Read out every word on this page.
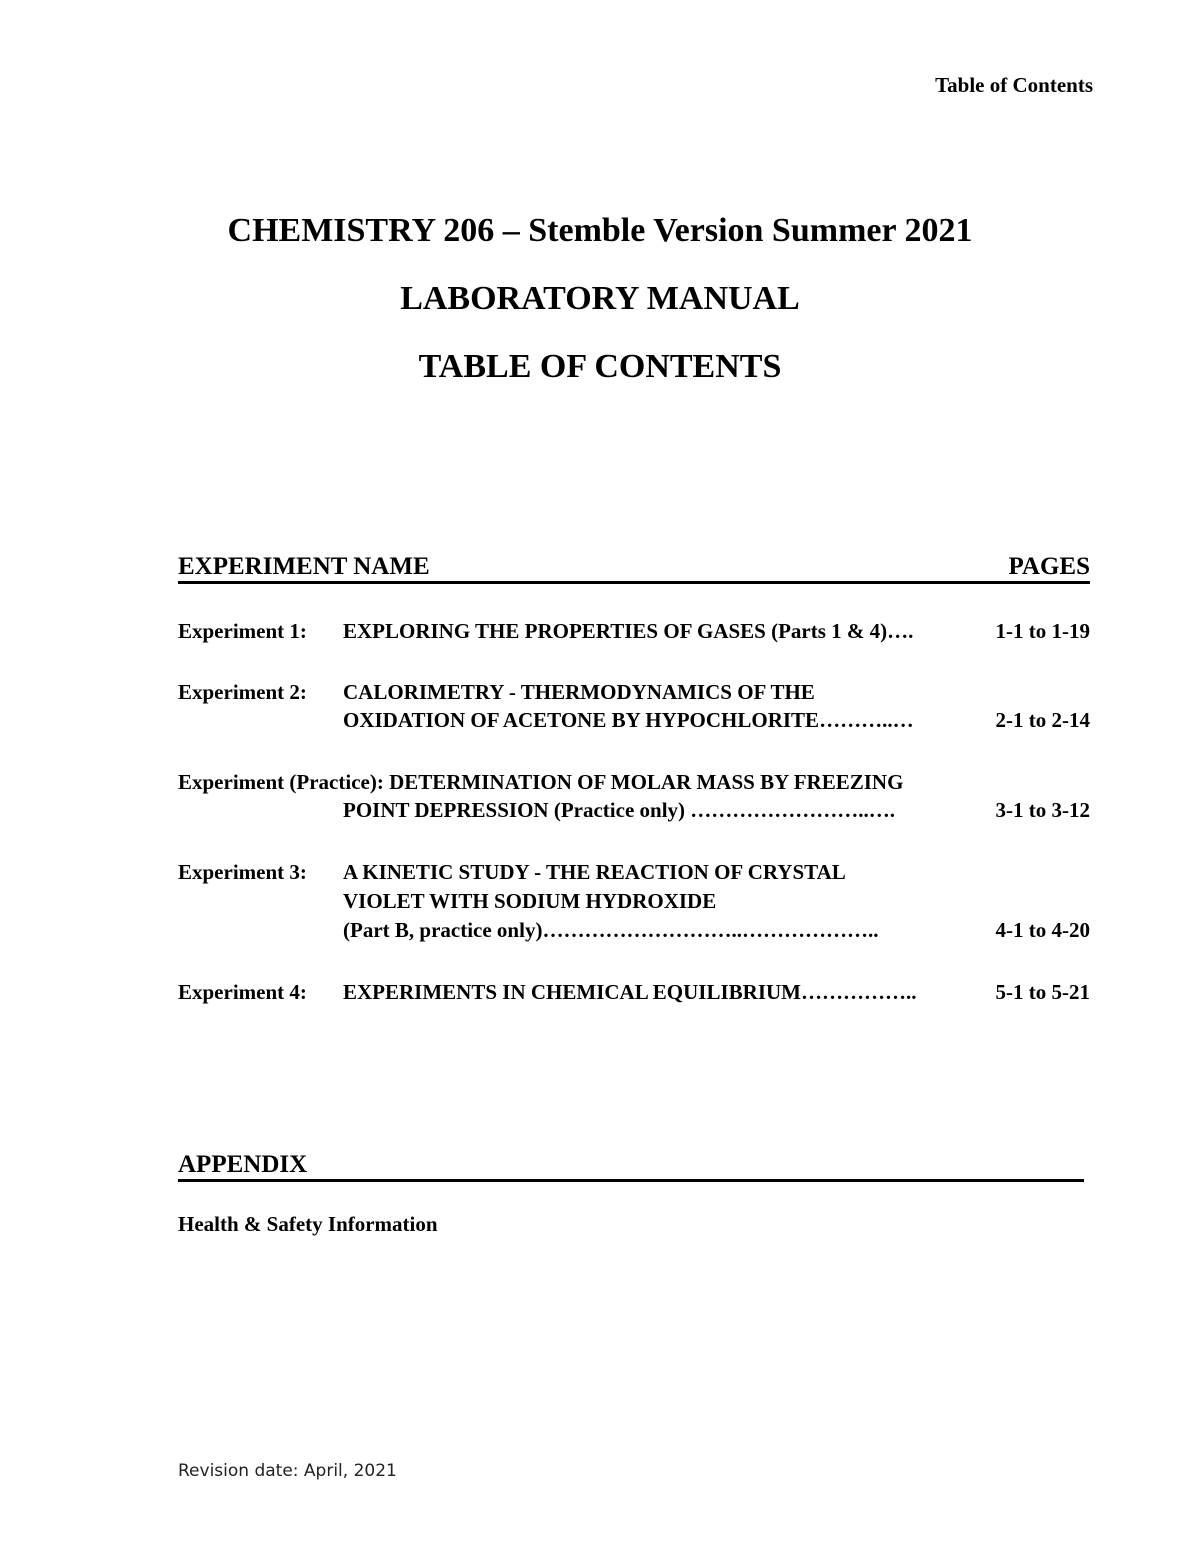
Table of Contents
CHEMISTRY 206 – Stemble Version Summer 2021
LABORATORY MANUAL
TABLE OF CONTENTS
EXPERIMENT NAME	PAGES
Experiment 1: EXPLORING THE PROPERTIES OF GASES (Parts 1 & 4)….	1-1 to 1-19
Experiment 2: CALORIMETRY - THERMODYNAMICS OF THE
OXIDATION OF ACETONE BY HYPOCHLORITE………..…	2-1 to 2-14
Experiment (Practice): DETERMINATION OF MOLAR MASS BY FREEZING
POINT DEPRESSION (Practice only) ……………………..….	3-1 to 3-12
Experiment 3: A KINETIC STUDY - THE REACTION OF CRYSTAL
VIOLET WITH SODIUM HYDROXIDE
(Part B, practice only)………………………..………………..	4-1 to 4-20
Experiment 4: EXPERIMENTS IN CHEMICAL EQUILIBRIUM……………..	5-1 to 5-21
APPENDIX
Health & Safety Information
Revision date: April, 2021
